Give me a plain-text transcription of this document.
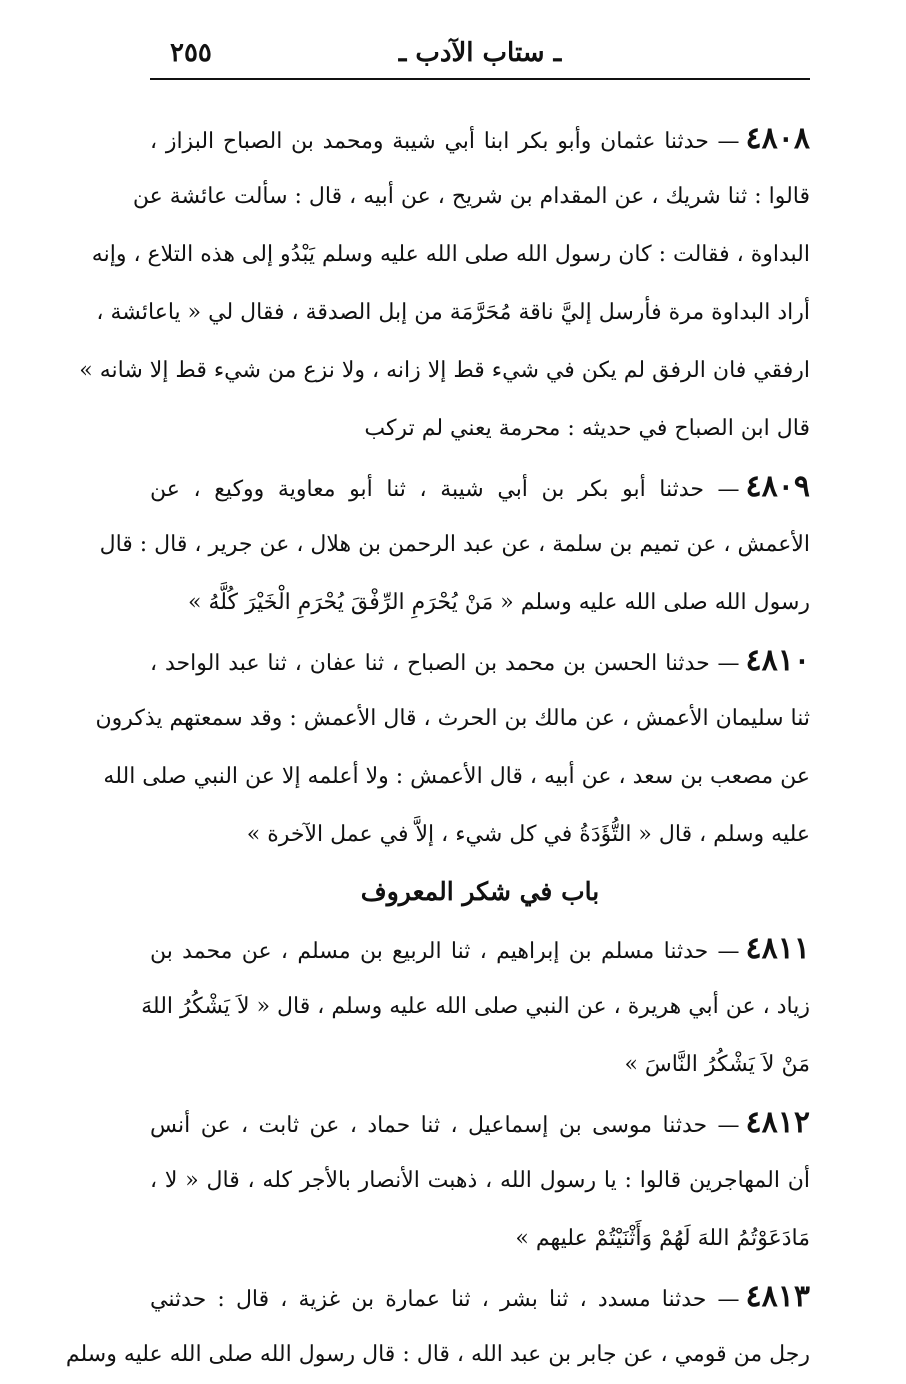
ـ ستاب الآدب ـ
٢٥٥
٤٨٠٨— حدثنا عثمان وأبو بكر ابنا أبي شيبة ومحمد بن الصباح البزاز ،
قالوا : ثنا شريك ، عن المقدام بن شريح ، عن أبيه ، قال : سألت عائشة عن
البداوة ، فقالت : كان رسول الله صلى الله عليه وسلم يَبْدُو إلى هذه التلاع ، وإنه
أراد البداوة مرة فأرسل إليَّ ناقة مُحَرَّمَة من إبل الصدقة ، فقال لي « ياعائشة ،
ارفقي فان الرفق لم يكن في شيء قط إلا زانه ، ولا نزع من شيء قط إلا شانه »
قال ابن الصباح في حديثه : محرمة يعني لم تركب
٤٨٠٩— حدثنا أبو بكر بن أبي شيبة ، ثنا أبو معاوية ووكيع ، عن
الأعمش ، عن تميم بن سلمة ، عن عبد الرحمن بن هلال ، عن جرير ، قال : قال
رسول الله صلى الله عليه وسلم « مَنْ يُحْرَمِ الرِّفْقَ يُحْرَمِ الْخَيْرَ كُلَّهُ »
٤٨١٠— حدثنا الحسن بن محمد بن الصباح ، ثنا عفان ، ثنا عبد الواحد ،
ثنا سليمان الأعمش ، عن مالك بن الحرث ، قال الأعمش : وقد سمعتهم يذكرون
عن مصعب بن سعد ، عن أبيه ، قال الأعمش : ولا أعلمه إلا عن النبي صلى الله
عليه وسلم ، قال « التُّؤَدَةُ في كل شيء ، إلاَّ في عمل الآخرة »
باب في شكر المعروف
٤٨١١— حدثنا مسلم بن إبراهيم ، ثنا الربيع بن مسلم ، عن محمد بن
زياد ، عن أبي هريرة ، عن النبي صلى الله عليه وسلم ، قال « لاَ يَشْكُرُ اللهَ
مَنْ لاَ يَشْكُرُ النَّاسَ »
٤٨١٢— حدثنا موسى بن إسماعيل ، ثنا حماد ، عن ثابت ، عن أنس
أن المهاجرين قالوا : يا رسول الله ، ذهبت الأنصار بالأجر كله ، قال « لا ،
مَادَعَوْتُمُ اللهَ لَهُمْ وَأَثْنَيْتُمْ عليهم »
٤٨١٣— حدثنا مسدد ، ثنا بشر ، ثنا عمارة بن غزية ، قال : حدثني
رجل من قومي ، عن جابر بن عبد الله ، قال : قال رسول الله صلى الله عليه وسلم
